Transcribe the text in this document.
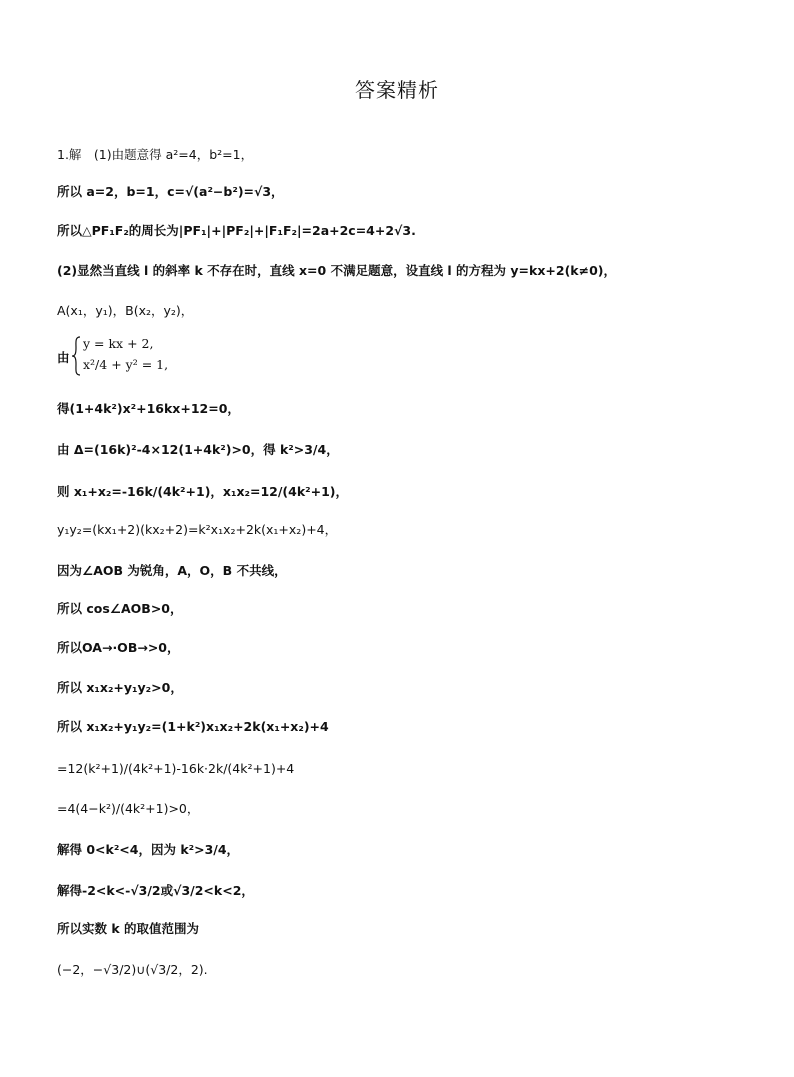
答案精析
1.解　(1)由题意得 a²=4，b²=1，
所以 a=2，b=1，c=√(a²−b²)=√3，
所以△PF₁F₂的周长为|PF₁|+|PF₂|+|F₁F₂|=2a+2c=4+2√3.
(2)显然当直线 l 的斜率 k 不存在时，直线 x=0 不满足题意，设直线 l 的方程为 y=kx+2(k≠0)，
A(x₁，y₁)，B(x₂，y₂)，
由
y = kx + 2,
x²/4 + y² = 1,
得(1+4k²)x²+16kx+12=0，
由 Δ=(16k)²-4×12(1+4k²)>0，得 k²>3/4，
则 x₁+x₂=-16k/(4k²+1)，x₁x₂=12/(4k²+1)，
y₁y₂=(kx₁+2)(kx₂+2)=k²x₁x₂+2k(x₁+x₂)+4，
因为∠AOB 为锐角，A，O，B 不共线，
所以 cos∠AOB>0，
所以OA→·OB→>0，
所以 x₁x₂+y₁y₂>0，
所以 x₁x₂+y₁y₂=(1+k²)x₁x₂+2k(x₁+x₂)+4
=12(k²+1)/(4k²+1)-16k·2k/(4k²+1)+4
=4(4−k²)/(4k²+1)>0，
解得 0<k²<4，因为 k²>3/4，
解得-2<k<-√3/2或√3/2<k<2，
所以实数 k 的取值范围为
(−2，−√3/2)∪(√3/2，2).
